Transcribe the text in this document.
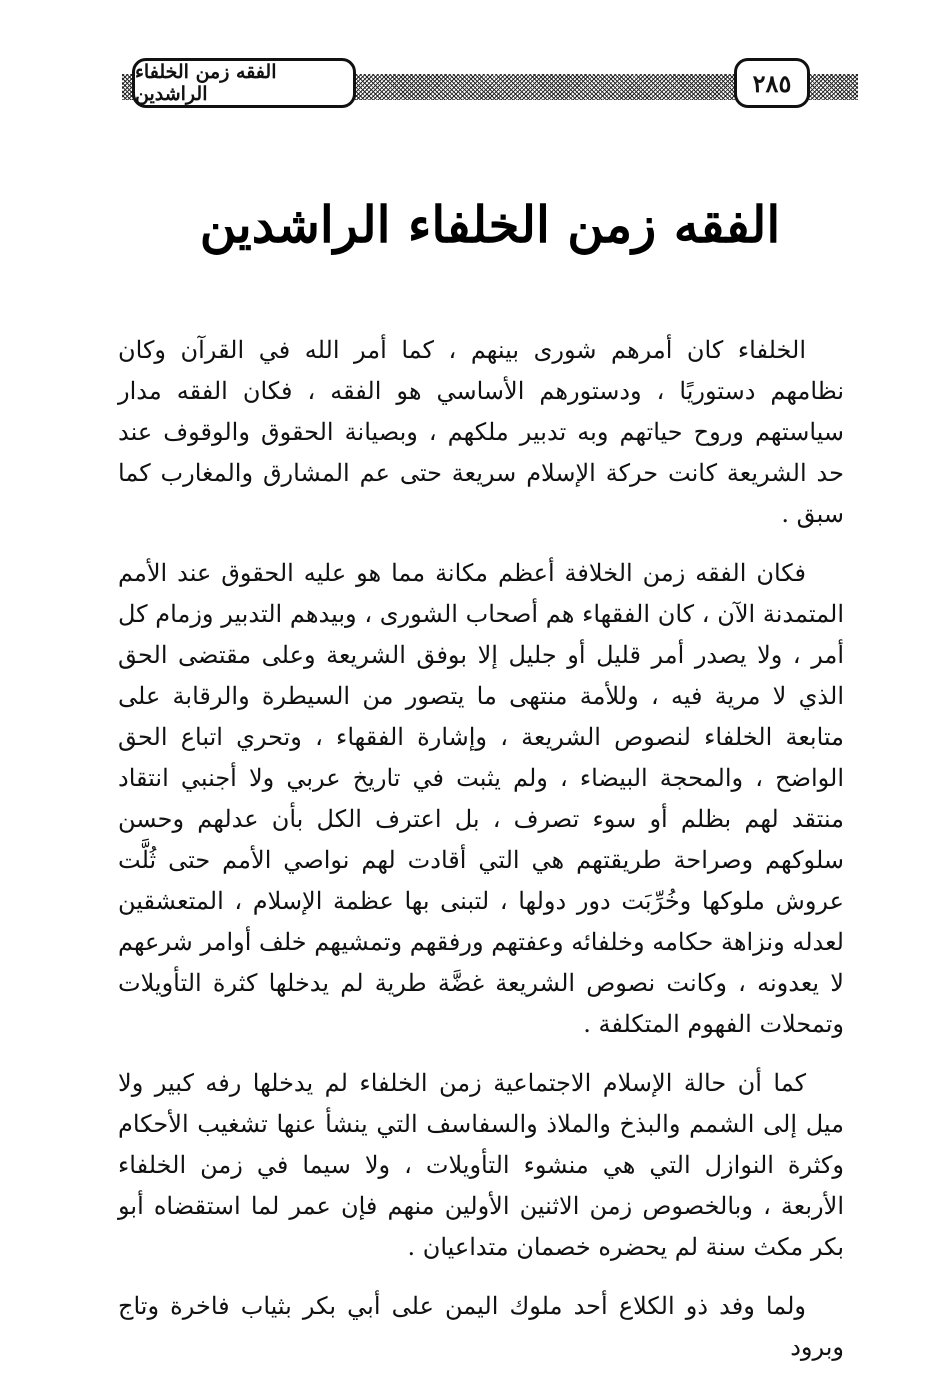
الفقه زمن الخلفاء الراشدين	٢٨٥
الفقه زمن الخلفاء الراشدين

الخلفاء كان أمرهم شورى بينهم ، كما أمر الله في القرآن وكان نظامهم دستوريًا ، ودستورهم الأساسي هو الفقه ، فكان الفقه مدار سياستهم وروح حياتهم وبه تدبير ملكهم ، وبصيانة الحقوق والوقوف عند حد الشريعة كانت حركة الإسلام سريعة حتى عم المشارق والمغارب كما سبق .

فكان الفقه زمن الخلافة أعظم مكانة مما هو عليه الحقوق عند الأمم المتمدنة الآن ، كان الفقهاء هم أصحاب الشورى ، وبيدهم التدبير وزمام كل أمر ، ولا يصدر أمر قليل أو جليل إلا بوفق الشريعة وعلى مقتضى الحق الذي لا مرية فيه ، وللأمة منتهى ما يتصور من السيطرة والرقابة على متابعة الخلفاء لنصوص الشريعة ، وإشارة الفقهاء ، وتحري اتباع الحق الواضح ، والمحجة البيضاء ، ولم يثبت في تاريخ عربي ولا أجنبي انتقاد منتقد لهم بظلم أو سوء تصرف ، بل اعترف الكل بأن عدلهم وحسن سلوكهم وصراحة طريقتهم هي التي أقادت لهم نواصي الأمم حتى ثُلَّت عروش ملوكها وخُرِّبَت دور دولها ، لتبنى بها عظمة الإسلام ، المتعشقين لعدله ونزاهة حكامه وخلفائه وعفتهم ورفقهم وتمشيهم خلف أوامر شرعهم لا يعدونه ، وكانت نصوص الشريعة غضَّة طرية لم يدخلها كثرة التأويلات وتمحلات الفهوم المتكلفة .

كما أن حالة الإسلام الاجتماعية زمن الخلفاء لم يدخلها رفه كبير ولا ميل إلى الشمم والبذخ والملاذ والسفاسف التي ينشأ عنها تشغيب الأحكام وكثرة النوازل التي هي منشوء التأويلات ، ولا سيما في زمن الخلفاء الأربعة ، وبالخصوص زمن الاثنين الأولين منهم فإن عمر لما استقضاه أبو بكر مكث سنة لم يحضره خصمان متداعيان .

ولما وفد ذو الكلاع أحد ملوك اليمن على أبي بكر بثياب فاخرة وتاج وبرود
